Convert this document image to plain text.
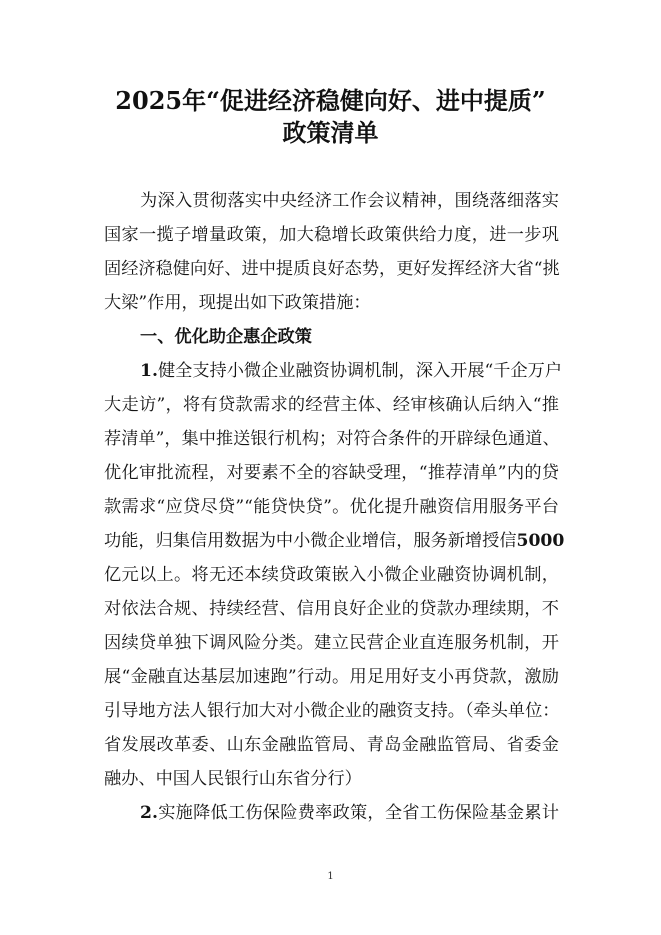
2025年“促进经济稳健向好、进中提质”
政策清单

为深入贯彻落实中央经济工作会议精神，围绕落细落实

国家一揽子增量政策，加大稳增长政策供给力度，进一步巩

固经济稳健向好、进中提质良好态势，更好发挥经济大省“挑

大梁”作用，现提出如下政策措施：

一、优化助企惠企政策

1.健全支持小微企业融资协调机制，深入开展“千企万户

大走访”，将有贷款需求的经营主体、经审核确认后纳入“推

荐清单”，集中推送银行机构；对符合条件的开辟绿色通道、

优化审批流程，对要素不全的容缺受理，“推荐清单”内的贷

款需求“应贷尽贷”“能贷快贷”。优化提升融资信用服务平台

功能，归集信用数据为中小微企业增信，服务新增授信5000

亿元以上。将无还本续贷政策嵌入小微企业融资协调机制，

对依法合规、持续经营、信用良好企业的贷款办理续期，不

因续贷单独下调风险分类。建立民营企业直连服务机制，开

展“金融直达基层加速跑”行动。用足用好支小再贷款，激励

引导地方法人银行加大对小微企业的融资支持。（牵头单位：

省发展改革委、山东金融监管局、青岛金融监管局、省委金

融办、中国人民银行山东省分行）

2.实施降低工伤保险费率政策，全省工伤保险基金累计

1
